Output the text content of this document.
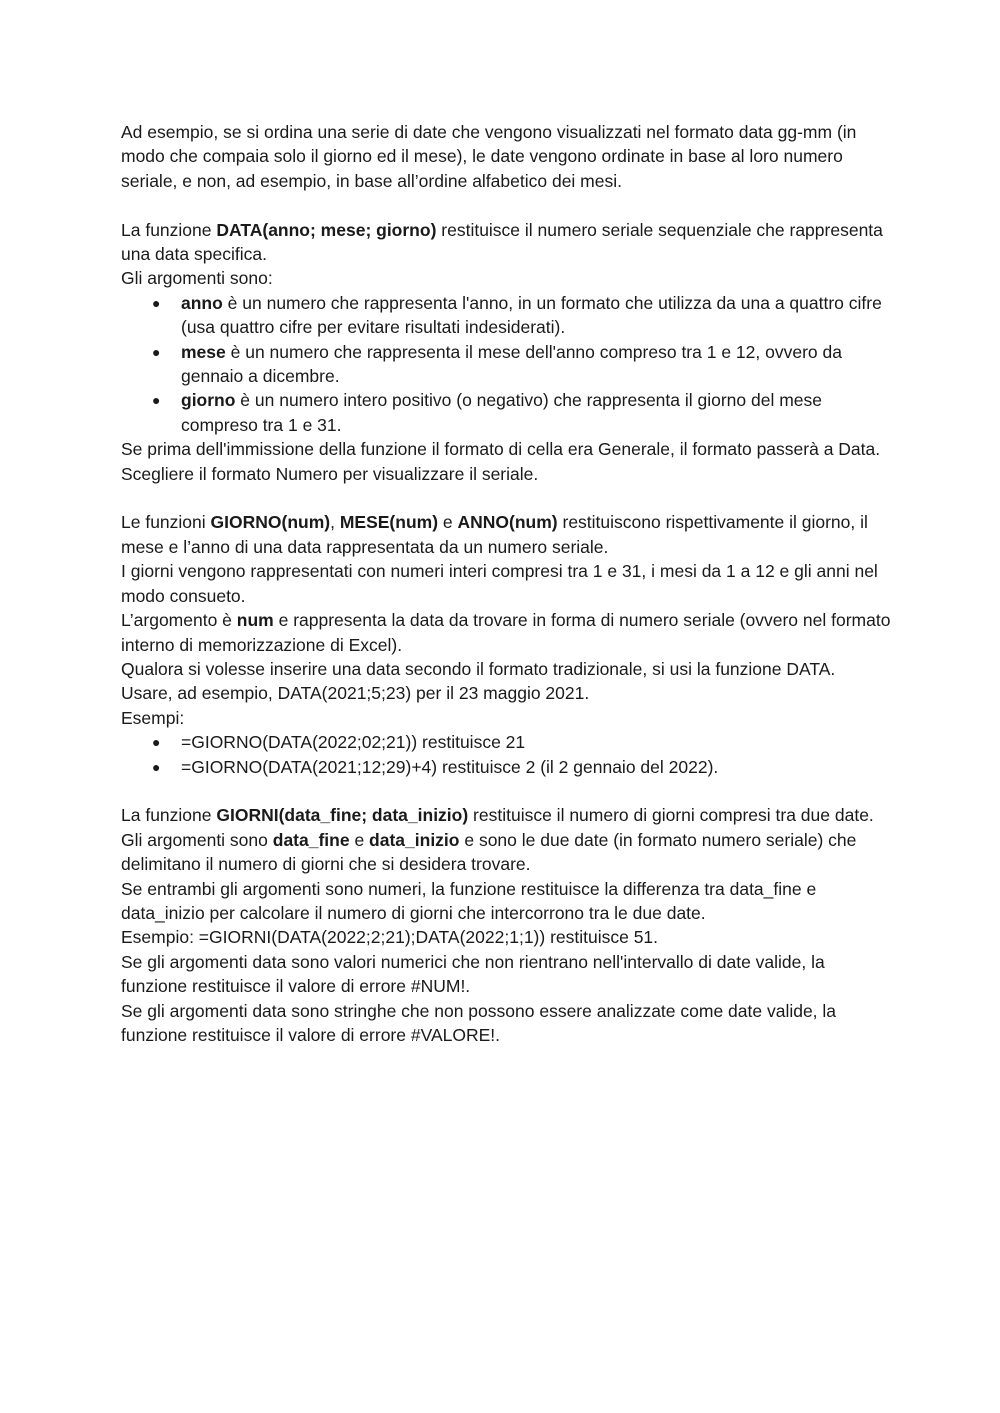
Ad esempio, se si ordina una serie di date che vengono visualizzati nel formato data gg-mm (in modo che compaia solo il giorno ed il mese), le date vengono ordinate in base al loro numero seriale, e non, ad esempio, in base all’ordine alfabetico dei mesi.

La funzione DATA(anno; mese; giorno) restituisce il numero seriale sequenziale che rappresenta una data specifica.

Gli argomenti sono:

● anno è un numero che rappresenta l'anno, in un formato che utilizza da una a quattro cifre (usa quattro cifre per evitare risultati indesiderati).
● mese è un numero che rappresenta il mese dell'anno compreso tra 1 e 12, ovvero da gennaio a dicembre.
● giorno è un numero intero positivo (o negativo) che rappresenta il giorno del mese compreso tra 1 e 31.

Se prima dell'immissione della funzione il formato di cella era Generale, il formato passerà a Data.

Scegliere il formato Numero per visualizzare il seriale.

Le funzioni GIORNO(num), MESE(num) e ANNO(num) restituiscono rispettivamente il giorno, il mese e l’anno di una data rappresentata da un numero seriale.

I giorni vengono rappresentati con numeri interi compresi tra 1 e 31, i mesi da 1 a 12 e gli anni nel modo consueto.

L’argomento è num e rappresenta la data da trovare in forma di numero seriale (ovvero nel formato interno di memorizzazione di Excel).

Qualora si volesse inserire una data secondo il formato tradizionale, si usi la funzione DATA.

Usare, ad esempio, DATA(2021;5;23) per il 23 maggio 2021.

Esempi:

● =GIORNO(DATA(2022;02;21)) restituisce 21
● =GIORNO(DATA(2021;12;29)+4) restituisce 2 (il 2 gennaio del 2022).

La funzione GIORNI(data_fine; data_inizio) restituisce il numero di giorni compresi tra due date.

Gli argomenti sono data_fine e data_inizio e sono le due date (in formato numero seriale) che delimitano il numero di giorni che si desidera trovare.

Se entrambi gli argomenti sono numeri, la funzione restituisce la differenza tra data_fine e data_inizio per calcolare il numero di giorni che intercorrono tra le due date.

Esempio: =GIORNI(DATA(2022;2;21);DATA(2022;1;1)) restituisce 51.

Se gli argomenti data sono valori numerici che non rientrano nell'intervallo di date valide, la funzione restituisce il valore di errore #NUM!.

Se gli argomenti data sono stringhe che non possono essere analizzate come date valide, la funzione restituisce il valore di errore #VALORE!.
